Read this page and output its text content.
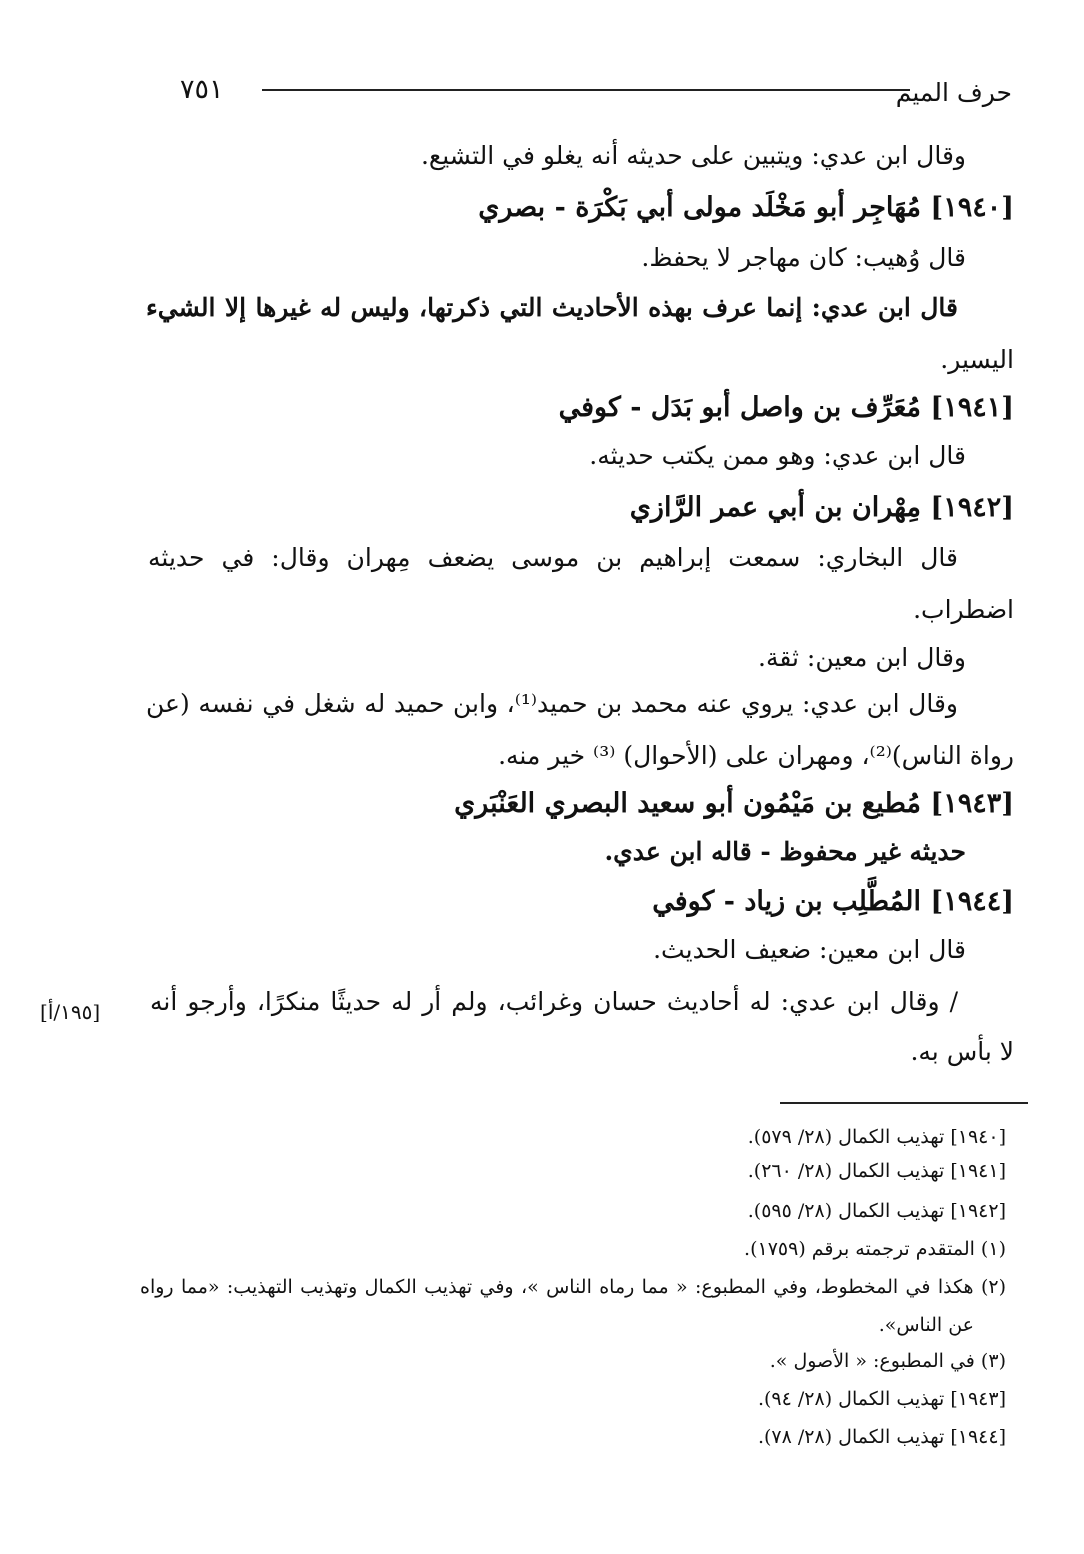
حرف الميم
٧٥١
وقال ابن عدي: ويتبين على حديثه أنه يغلو في التشيع.
[١٩٤٠] مُهَاجِر أبو مَخْلَد مولى أبي بَكْرَة - بصري
قال وُهيب: كان مهاجر لا يحفظ.
قال ابن عدي: إنما عرف بهذه الأحاديث التي ذكرتها، وليس له غيرها إلا الشيء
اليسير.
[١٩٤١] مُعَرِّف بن واصل أبو بَدَل - كوفي
قال ابن عدي: وهو ممن يكتب حديثه.
[١٩٤٢] مِهْران بن أبي عمر الرَّازي
قال البخاري: سمعت إبراهيم بن موسى يضعف مِهران وقال: في حديثه
اضطراب.
وقال ابن معين: ثقة.
وقال ابن عدي: يروي عنه محمد بن حميد⁽¹⁾، وابن حميد له شغل في نفسه (عن
رواة الناس)⁽²⁾، ومهران على (الأحوال) ⁽³⁾ خير منه.
[١٩٤٣] مُطيع بن مَيْمُون أبو سعيد البصري العَنْبَري
حديثه غير محفوظ - قاله ابن عدي.
[١٩٤٤] المُطَّلِب بن زياد - كوفي
قال ابن معين: ضعيف الحديث.
/ وقال ابن عدي: له أحاديث حسان وغرائب، ولم أر له حديثًا منكرًا، وأرجو أنه
لا بأس به.
[١٩٥/أ]
[١٩٤٠] تهذيب الكمال (٢٨/ ٥٧٩).
[١٩٤١] تهذيب الكمال (٢٨/ ٢٦٠).
[١٩٤٢] تهذيب الكمال (٢٨/ ٥٩٥).
(١) المتقدم ترجمته برقم (١٧٥٩).
(٢) هكذا في المخطوط، وفي المطبوع: « مما رماه الناس »، وفي تهذيب الكمال وتهذيب التهذيب: «مما رواه
عن الناس».
(٣) في المطبوع: « الأصول ».
[١٩٤٣] تهذيب الكمال (٢٨/ ٩٤).
[١٩٤٤] تهذيب الكمال (٢٨/ ٧٨).
